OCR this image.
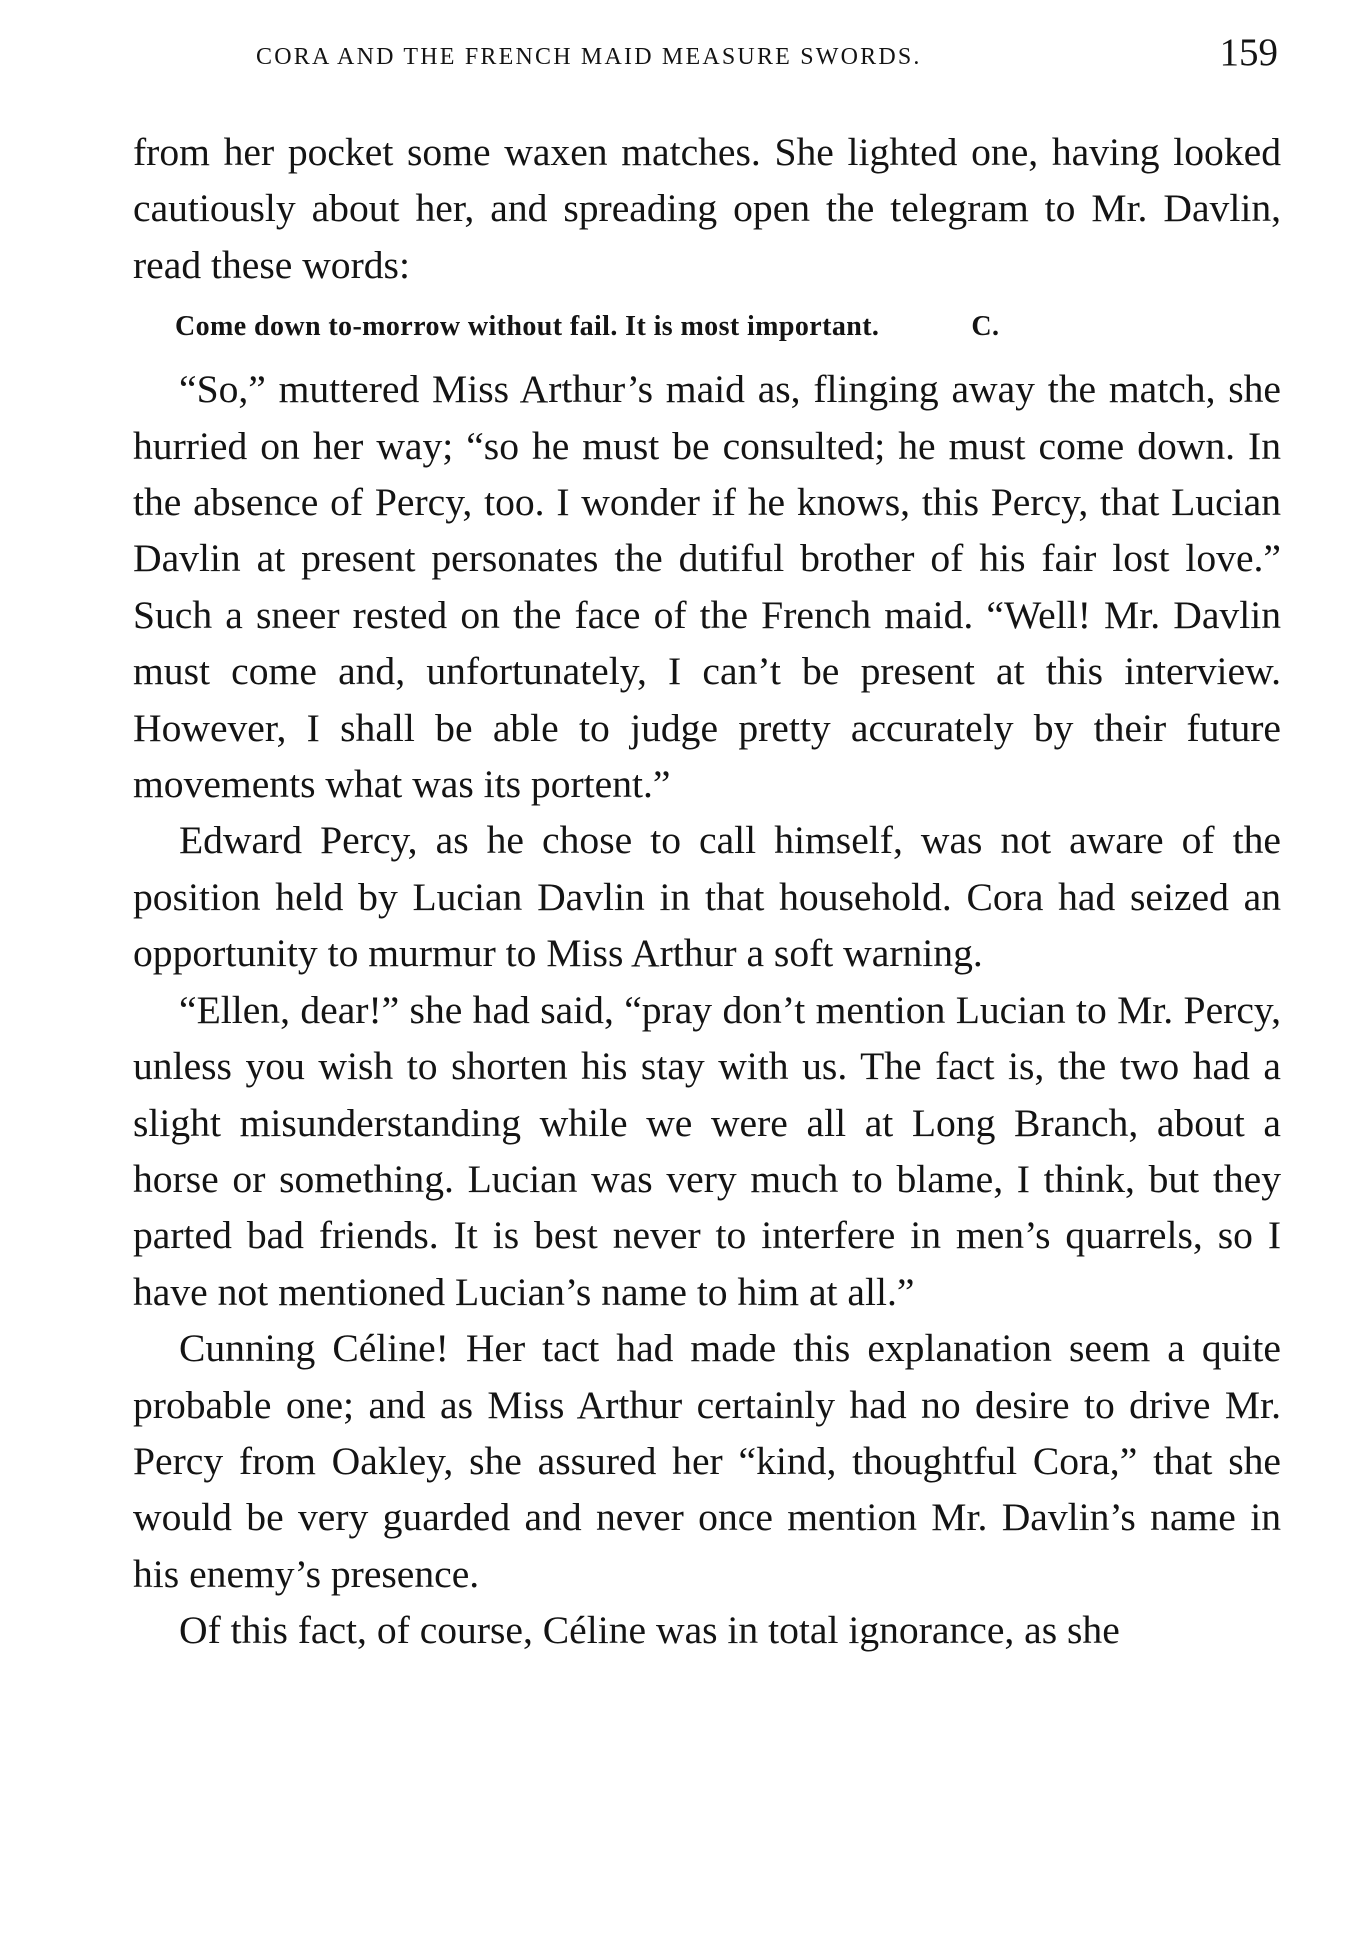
CORA AND THE FRENCH MAID MEASURE SWORDS.	159

from her pocket some waxen matches. She lighted one, having looked cautiously about her, and spreading open the telegram to Mr. Davlin, read these words:

Come down to-morrow without fail. It is most important.	C.

“So,” muttered Miss Arthur’s maid as, flinging away the match, she hurried on her way; “so he must be consulted; he must come down. In the absence of Percy, too. I wonder if he knows, this Percy, that Lucian Davlin at present personates the dutiful brother of his fair lost love.” Such a sneer rested on the face of the French maid. “Well! Mr. Davlin must come and, unfortunately, I can’t be present at this interview. However, I shall be able to judge pretty accurately by their future movements what was its portent.”

Edward Percy, as he chose to call himself, was not aware of the position held by Lucian Davlin in that household. Cora had seized an opportunity to murmur to Miss Arthur a soft warning.

“Ellen, dear!” she had said, “pray don’t mention Lucian to Mr. Percy, unless you wish to shorten his stay with us. The fact is, the two had a slight misunderstanding while we were all at Long Branch, about a horse or something. Lucian was very much to blame, I think, but they parted bad friends. It is best never to interfere in men’s quarrels, so I have not mentioned Lucian’s name to him at all.”

Cunning Céline! Her tact had made this explanation seem a quite probable one; and as Miss Arthur certainly had no desire to drive Mr. Percy from Oakley, she assured her “kind, thoughtful Cora,” that she would be very guarded and never once mention Mr. Davlin’s name in his enemy’s presence.

Of this fact, of course, Céline was in total ignorance, as she
